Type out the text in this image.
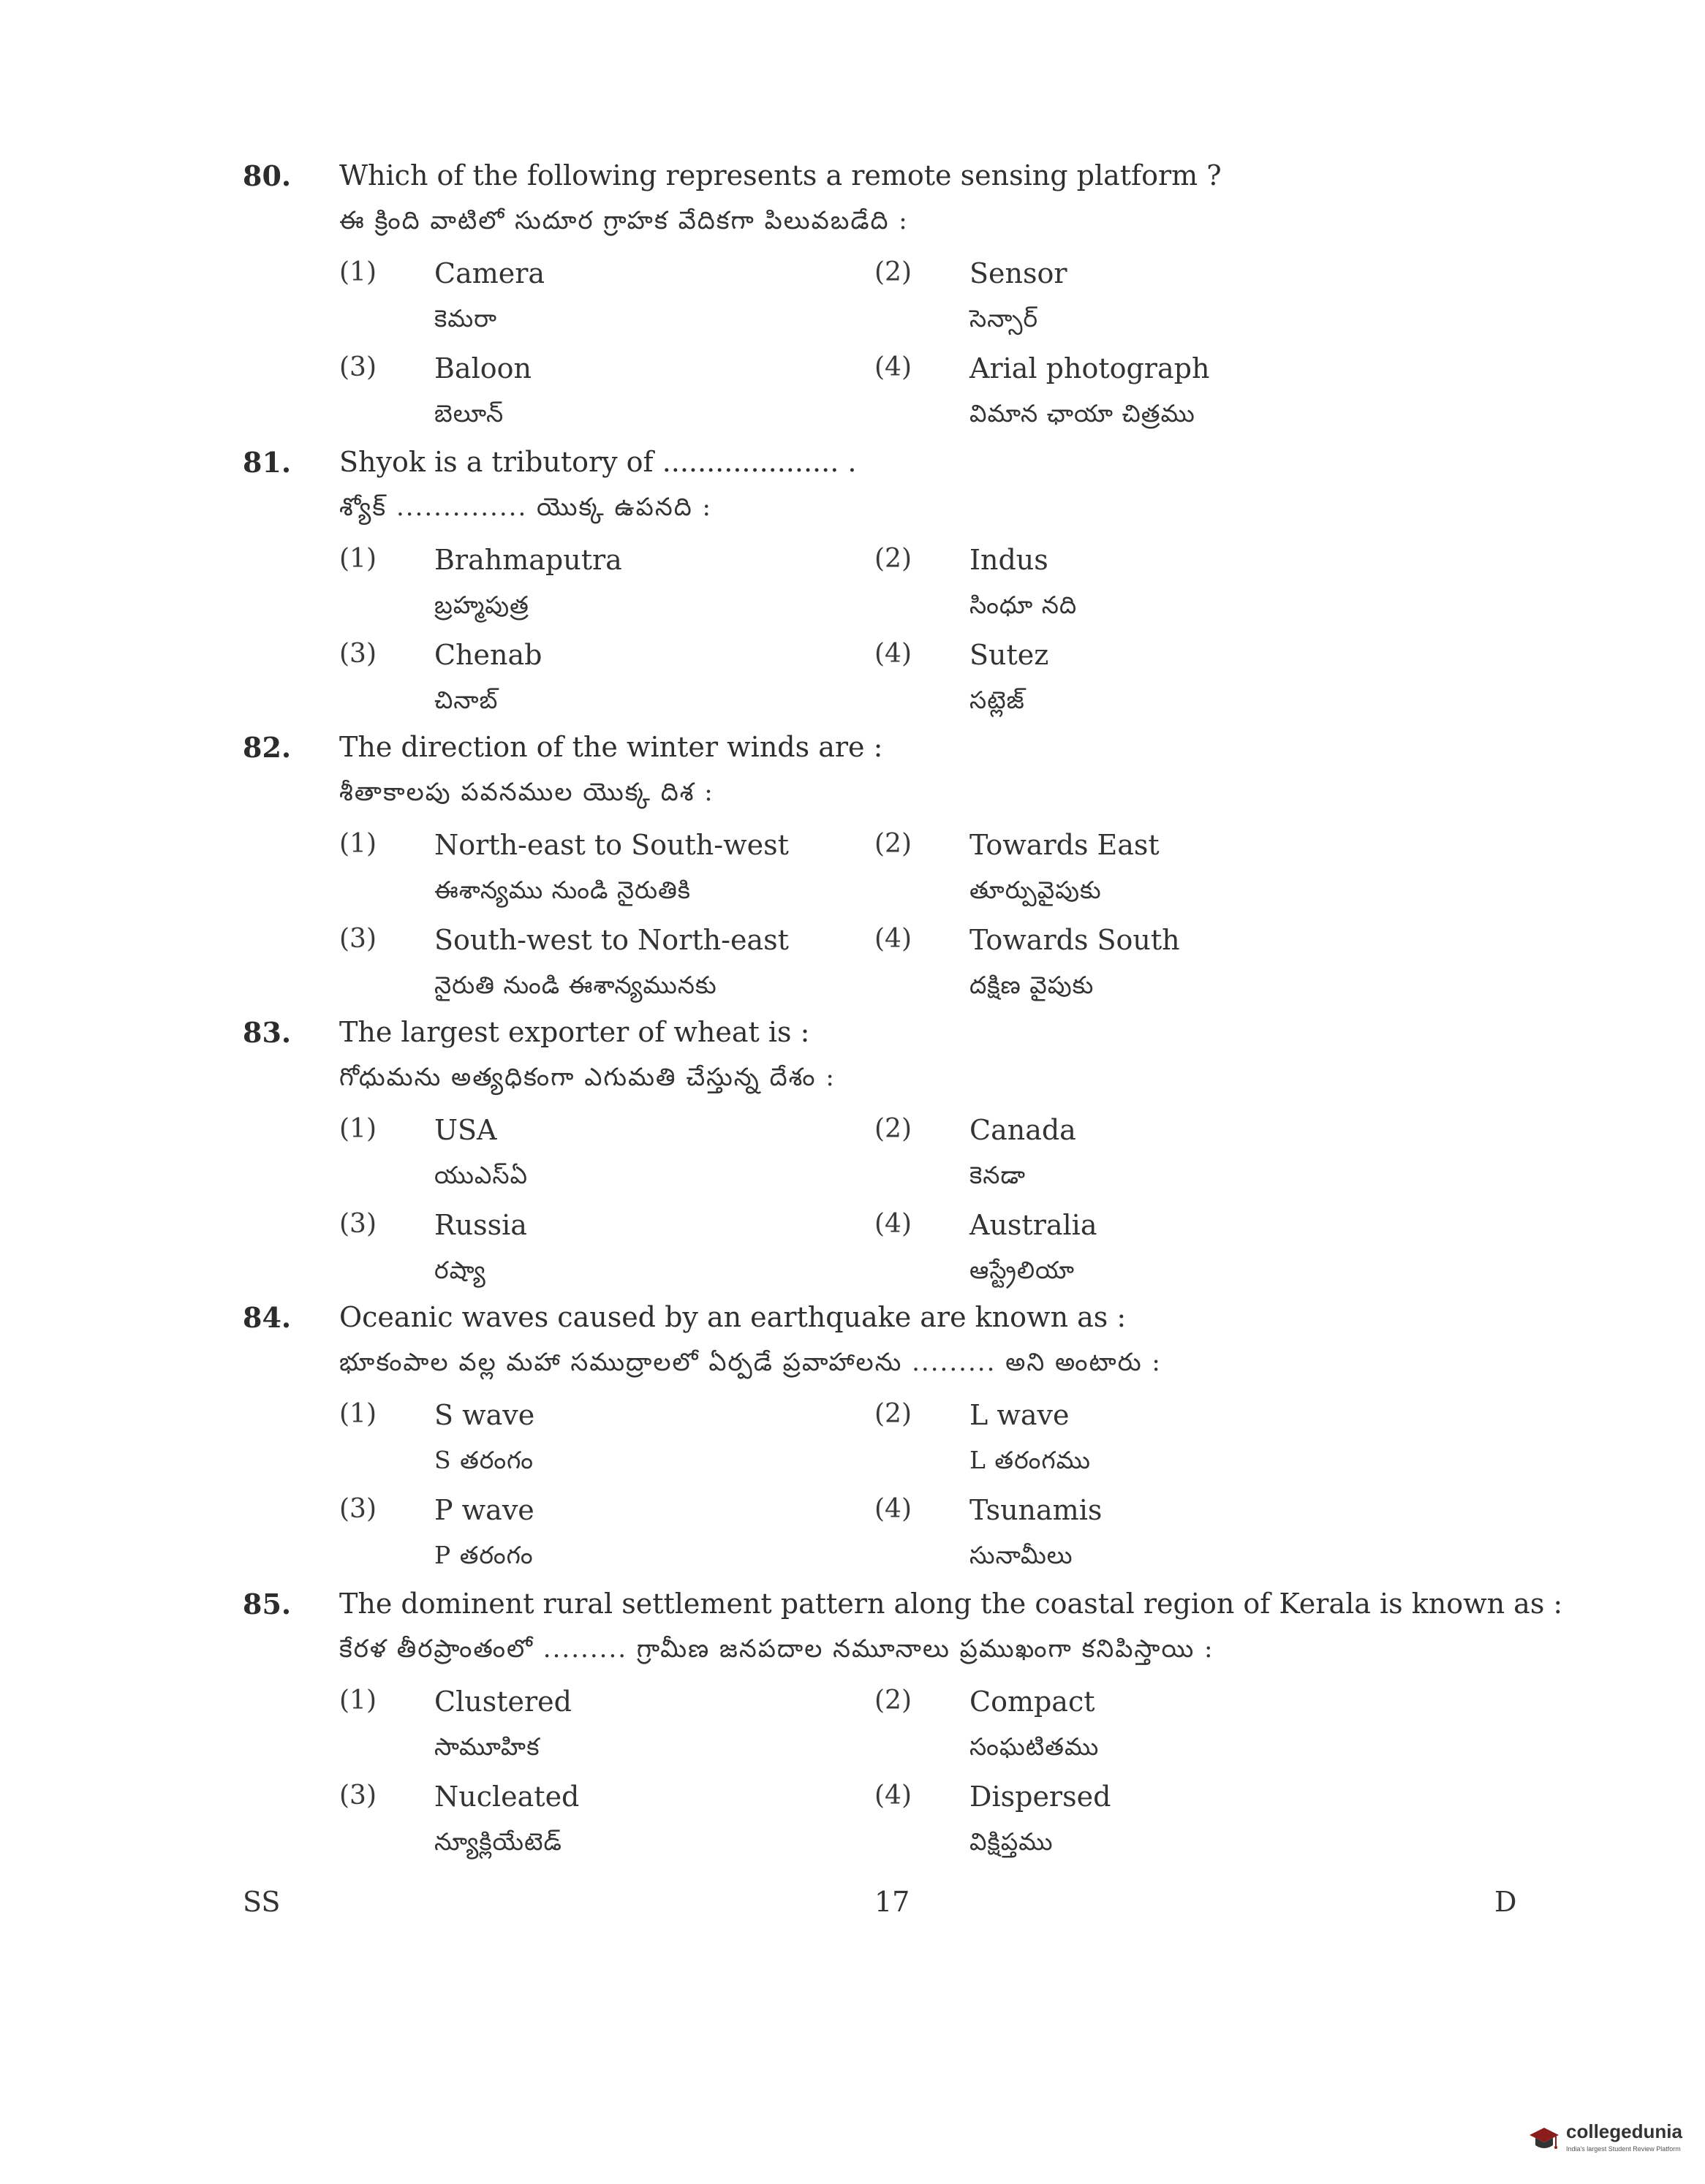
80. Which of the following represents a remote sensing platform ?
ఈ క్రింది వాటిలో సుదూర గ్రాహక వేదికగా పిలువబడేది :
(1) Camera
కెమరా
(2) Sensor
సెన్సార్
(3) Baloon
బెలూన్
(4) Arial photograph
విమాన ఛాయా చిత్రము
81. Shyok is a tributory of .................... .
శ్యోక్ .............. యొక్క ఉపనది :
(1) Brahmaputra
బ్రహ్మపుత్ర
(2) Indus
సింధూ నది
(3) Chenab
చినాబ్
(4) Sutez
సట్లెజ్
82. The direction of the winter winds are :
శీతాకాలపు పవనముల యొక్క దిశ :
(1) North-east to South-west
ఈశాన్యము నుండి నైరుతికి
(2) Towards East
తూర్పువైపుకు
(3) South-west to North-east
నైరుతి నుండి ఈశాన్యమునకు
(4) Towards South
దక్షిణ వైపుకు
83. The largest exporter of wheat is :
గోధుమను అత్యధికంగా ఎగుమతి చేస్తున్న దేశం :
(1) USA
యుఎస్ఏ
(2) Canada
కెనడా
(3) Russia
రష్యా
(4) Australia
ఆస్ట్రేలియా
84. Oceanic waves caused by an earthquake are known as :
భూకంపాల వల్ల మహా సముద్రాలలో ఏర్పడే ప్రవాహాలను ......... అని అంటారు :
(1) S wave
S తరంగం
(2) L wave
L తరంగము
(3) P wave
P తరంగం
(4) Tsunamis
సునామీలు
85. The dominent rural settlement pattern along the coastal region of Kerala is known as :
కేరళ తీరప్రాంతంలో ......... గ్రామీణ జనపదాల నమూనాలు ప్రముఖంగా కనిపిస్తాయి :
(1) Clustered
సామూహిక
(2) Compact
సంఘటితము
(3) Nucleated
న్యూక్లియేటెడ్
(4) Dispersed
విక్షిప్తము
SS	17	D
collegedunia
India's largest Student Review Platform
